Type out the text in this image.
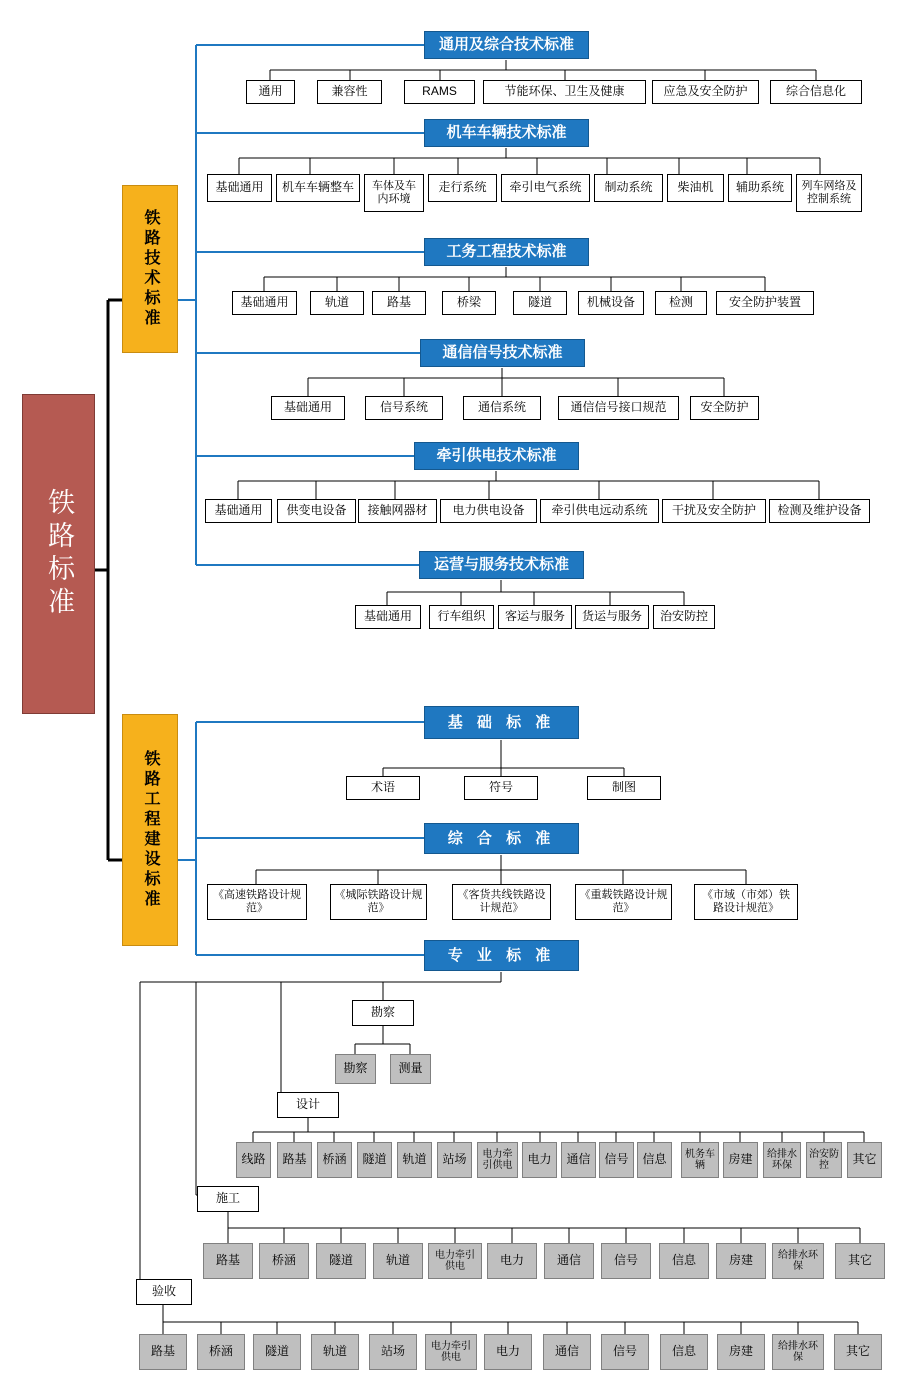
铁路标准
铁路技术标准
铁路工程建设标准
通用及综合技术标准
通用	兼容性	RAMS	节能环保、卫生及健康	应急及安全防护	综合信息化
机车车辆技术标准
基础通用	机车车辆整车	车体及车内环境
走行系统	牵引电气系统	制动系统	柴油机	辅助系统	列车网络及控制系统
工务工程技术标准
基础通用	轨道	路基	桥梁	隧道	机械设备	检测	安全防护装置
通信信号技术标准
基础通用	信号系统	通信系统	通信信号接口规范	安全防护
牵引供电技术标准
基础通用	供变电设备	接触网器材	电力供电设备	牵引供电远动系统	干扰及安全防护	检测及维护设备
运营与服务技术标准
基础通用	行车组织	客运与服务	货运与服务	治安防控
基 础 标 准
术语	符号	制图
综 合 标 准
《高速铁路设计规范》
《城际铁路设计规范》
《客货共线铁路设计规范》
《重载铁路设计规范》
《市域（市郊）铁路设计规范》
专 业 标 准
勘察
勘察	测量
设计
线路	路基	桥涵	隧道	轨道	站场	电力牵引供电	电力	通信	信号	信息	机务车辆	房建	给排水环保
治安防控	其它
施工
路基	桥涵	隧道	轨道	电力牵引供电	电力	通信	信号	信息	房建	给排水环保	其它
验收
路基	桥涵	隧道	轨道	站场	电力牵引供电	电力	通信	信号	信息	房建	给排水环保	其它
